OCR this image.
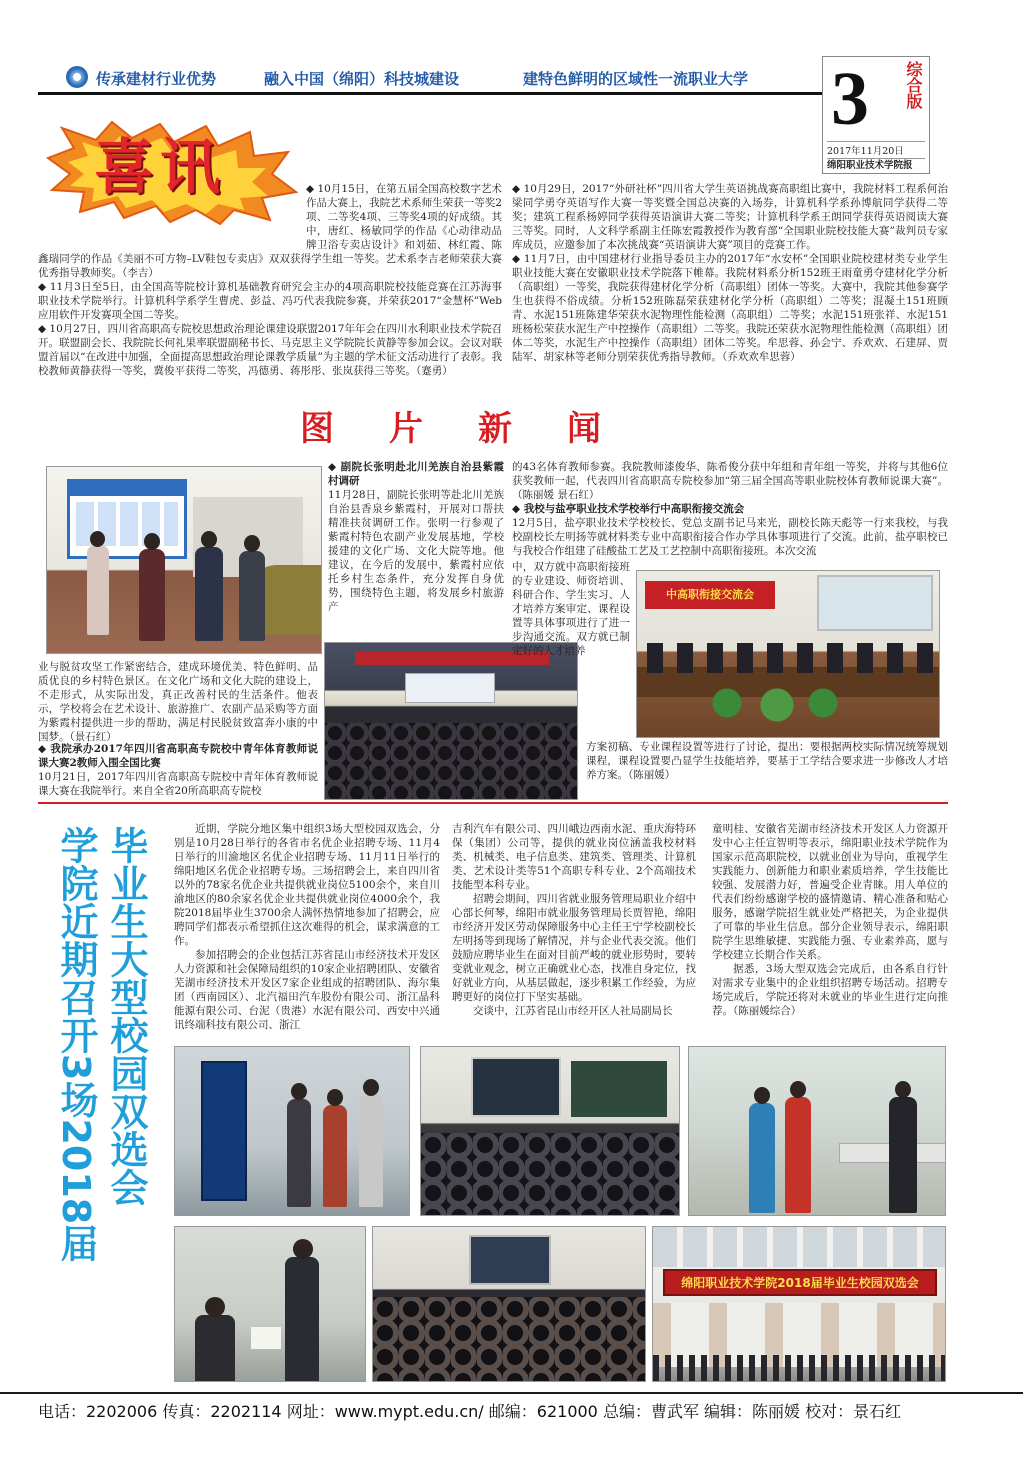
传承建材行业优势	融入中国（绵阳）科技城建设	建特色鲜明的区域性一流职业大学 3 综合版
2017年11月20日
绵阳职业技术学院报
喜讯	◆ 10月15日，在第五届全国高校数字艺术作品大赛上，我院艺术系师生荣获一等奖2项、二等奖4项、三等奖4项的好成绩。其中，唐红、杨敏同学的作品《心动律动品牌卫浴专卖店设计》和刘茹、林红霞、陈鑫瑞同学的作品《美丽不可方物–LV鞋包专卖店》双双获得学生组一等奖。艺术系李吉老师荣获大赛优秀指导教师奖。（李吉）

◆ 11月3日至5日，由全国高等院校计算机基础教育研究会主办的4项高职院校技能竞赛在江苏海事职业技术学院举行。计算机科学系学生曹虎、彭益、冯巧代表我院参赛，并荣获2017“金慧杯”Web应用软件开发赛项全国二等奖。

◆ 10月27日，四川省高职高专院校思想政治理论课建设联盟2017年年会在四川水利职业技术学院召开。联盟副会长、我院院长何礼果率联盟副秘书长、马克思主义学院院长黄静等参加会议。会议对联盟首届以“在改进中加强，全面提高思想政治理论课教学质量”为主题的学术征文活动进行了表彰。我校教师黄静获得一等奖，冀俊平获得二等奖，冯德勇、蒋彤彤、张岚获得三等奖。（蹇勇）

◆ 10月29日，2017“外研社杯”四川省大学生英语挑战赛高职组比赛中，我院材料工程系何治梁同学勇夺英语写作大赛一等奖暨全国总决赛的入场券，计算机科学系孙博航同学获得二等奖；建筑工程系杨婷同学获得英语演讲大赛二等奖；计算机科学系王朗同学获得英语阅读大赛三等奖。同时，人文科学系副主任陈宏霞教授作为教育部“全国职业院校技能大赛”裁判员专家库成员，应邀参加了本次挑战赛“英语演讲大赛”项目的竞赛工作。

◆ 11月7日，由中国建材行业指导委员主办的2017年“水安杯”全国职业院校建材类专业学生职业技能大赛在安徽职业技术学院落下帷幕。我院材料系分析152班王雨童勇夺建材化学分析（高职组）一等奖，我院获得建材化学分析（高职组）团体一等奖。大赛中，我院其他参赛学生也获得不俗成绩。分析152班陈磊荣获建材化学分析（高职组）二等奖；混凝土151班顾青、水泥151班陈建华荣获水泥物理性能检测（高职组）二等奖；水泥151班张祥、水泥151班杨松荣获水泥生产中控操作（高职组）二等奖。我院还荣获水泥物理性能检测（高职组）团体二等奖，水泥生产中控操作（高职组）团体二等奖。牟思蓉、孙会宁、乔欢欢、石建屏、贾陆军、胡家林等老师分别荣获优秀指导教师。（乔欢欢牟思蓉）

图片新闻

◆ 副院长张明赴北川羌族自治县紫霞村调研

11月28日，副院长张明等赴北川羌族自治县香泉乡紫霞村，开展对口帮扶精准扶贫调研工作。张明一行参观了紫霞村特色农副产业发展基地，学校援建的文化广场、文化大院等地。他建议，在今后的发展中，紫霞村应依托乡村生态条件，充分发挥自身优势，围绕特色主题，将发展乡村旅游产

业与脱贫攻坚工作紧密结合，建成环境优美、特色鲜明、品质优良的乡村特色景区。在文化广场和文化大院的建设上，不走形式，从实际出发，真正改善村民的生活条件。他表示，学校将会在艺术设计、旅游推广、农副产品采购等方面为紫霞村提供进一步的帮助，满足村民脱贫致富奔小康的中国梦。（景石红）

◆ 我院承办2017年四川省高职高专院校中青年体育教师说课大赛2教师入围全国比赛

10月21日，2017年四川省高职高专院校中青年体育教师说课大赛在我院举行。来自全省20所高职高专院校

的43名体育教师参赛。我院教师漆俊华、陈希俊分获中年组和青年组一等奖，并将与其他6位获奖教师一起，代表四川省高职高专院校参加“第三届全国高等职业院校体育教师说课大赛”。（陈丽媛 景石红）

◆ 我校与盐亭职业技术学校举行中高职衔接交流会

12月5日，盐亭职业技术学校校长、党总支副书记马来光，副校长陈天彪等一行来我校，与我校副校长左明扬等就材料类专业中高职衔接合作办学具体事项进行了交流。此前，盐亭职校已与我校合作组建了硅酸盐工艺及工艺控制中高职衔接班。本次交流

中，双方就中高职衔接班的专业建设、师资培训、科研合作、学生实习、人才培养方案审定、课程设置等具体事项进行了进一步沟通交流。双方就已制定好的人才培养

中高职衔接交流会

方案初稿、专业课程设置等进行了讨论，提出：要根据两校实际情况统筹规划课程，课程设置要凸显学生技能培养，要基于工学结合要求进一步修改人才培养方案。（陈丽媛）

毕业生大型校园双选会
学院近期召开3场2018届	近期，学院分地区集中组织3场大型校园双选会，分别是10月28日举行的各省市名优企业招聘专场、11月4日举行的川渝地区名优企业招聘专场、11月11日举行的绵阳地区名优企业招聘专场。三场招聘会上，来自四川省以外的78家名优企业共提供就业岗位5100余个，来自川渝地区的80余家名优企业共提供就业岗位4000余个，我院2018届毕业生3700余人满怀热情地参加了招聘会，应聘同学们都表示希望抓住这次难得的机会，谋求满意的工作。

参加招聘会的企业包括江苏省昆山市经济技术开发区人力资源和社会保障局组织的10家企业招聘团队、安徽省芜湖市经济技术开发区7家企业组成的招聘团队、海尔集团（西南园区）、北汽福田汽车股份有限公司、浙江晶科能源有限公司、台泥（贵港）水泥有限公司、西安中兴通讯终端科技有限公司、浙江

吉利汽车有限公司、四川峨边西南水泥、重庆海特环保（集团）公司等，提供的就业岗位涵盖我校材料类、机械类、电子信息类、建筑类、管理类、计算机类、艺术设计类等51个高职专科专业、2个高端技术技能型本科专业。

招聘会期间，四川省就业服务管理局职业介绍中心部长何琴，绵阳市就业服务管理局长贾智艳，绵阳市经济开发区劳动保障服务中心主任王宁学校副校长左明扬等到现场了解情况，并与企业代表交流。他们鼓励应聘毕业生在面对目前严峻的就业形势时，要转变就业观念，树立正确就业心态，找准自身定位，找好就业方向，从基层做起，逐步积累工作经验，为应聘更好的岗位打下坚实基础。

交谈中，江苏省昆山市经开区人社局副局长

童明桂、安徽省芜湖市经济技术开发区人力资源开发中心主任宣智明等表示，绵阳职业技术学院作为国家示范高职院校，以就业创业为导向，重视学生实践能力、创新能力和职业素质培养，学生技能比较强、发展潜力好，普遍受企业青睐。用人单位的代表们纷纷感谢学校的盛情邀请、精心准备和贴心服务，感谢学院招生就业处严格把关，为企业提供了可靠的毕业生信息。部分企业领导表示，绵阳职院学生思维敏捷、实践能力强、专业素养高，愿与学校建立长期合作关系。

据悉，3场大型双选会完成后，由各系自行针对需求专业集中的企业组织招聘专场活动。招聘专场完成后，学院还将对未就业的毕业生进行定向推荐。（陈丽媛综合）

绵阳职业技术学院2018届毕业生校园双选会
电话：2202006 传真：2202114 网址：www.mypt.edu.cn/ 邮编：621000 总编：曹武军 编辑：陈丽媛 校对：景石红
